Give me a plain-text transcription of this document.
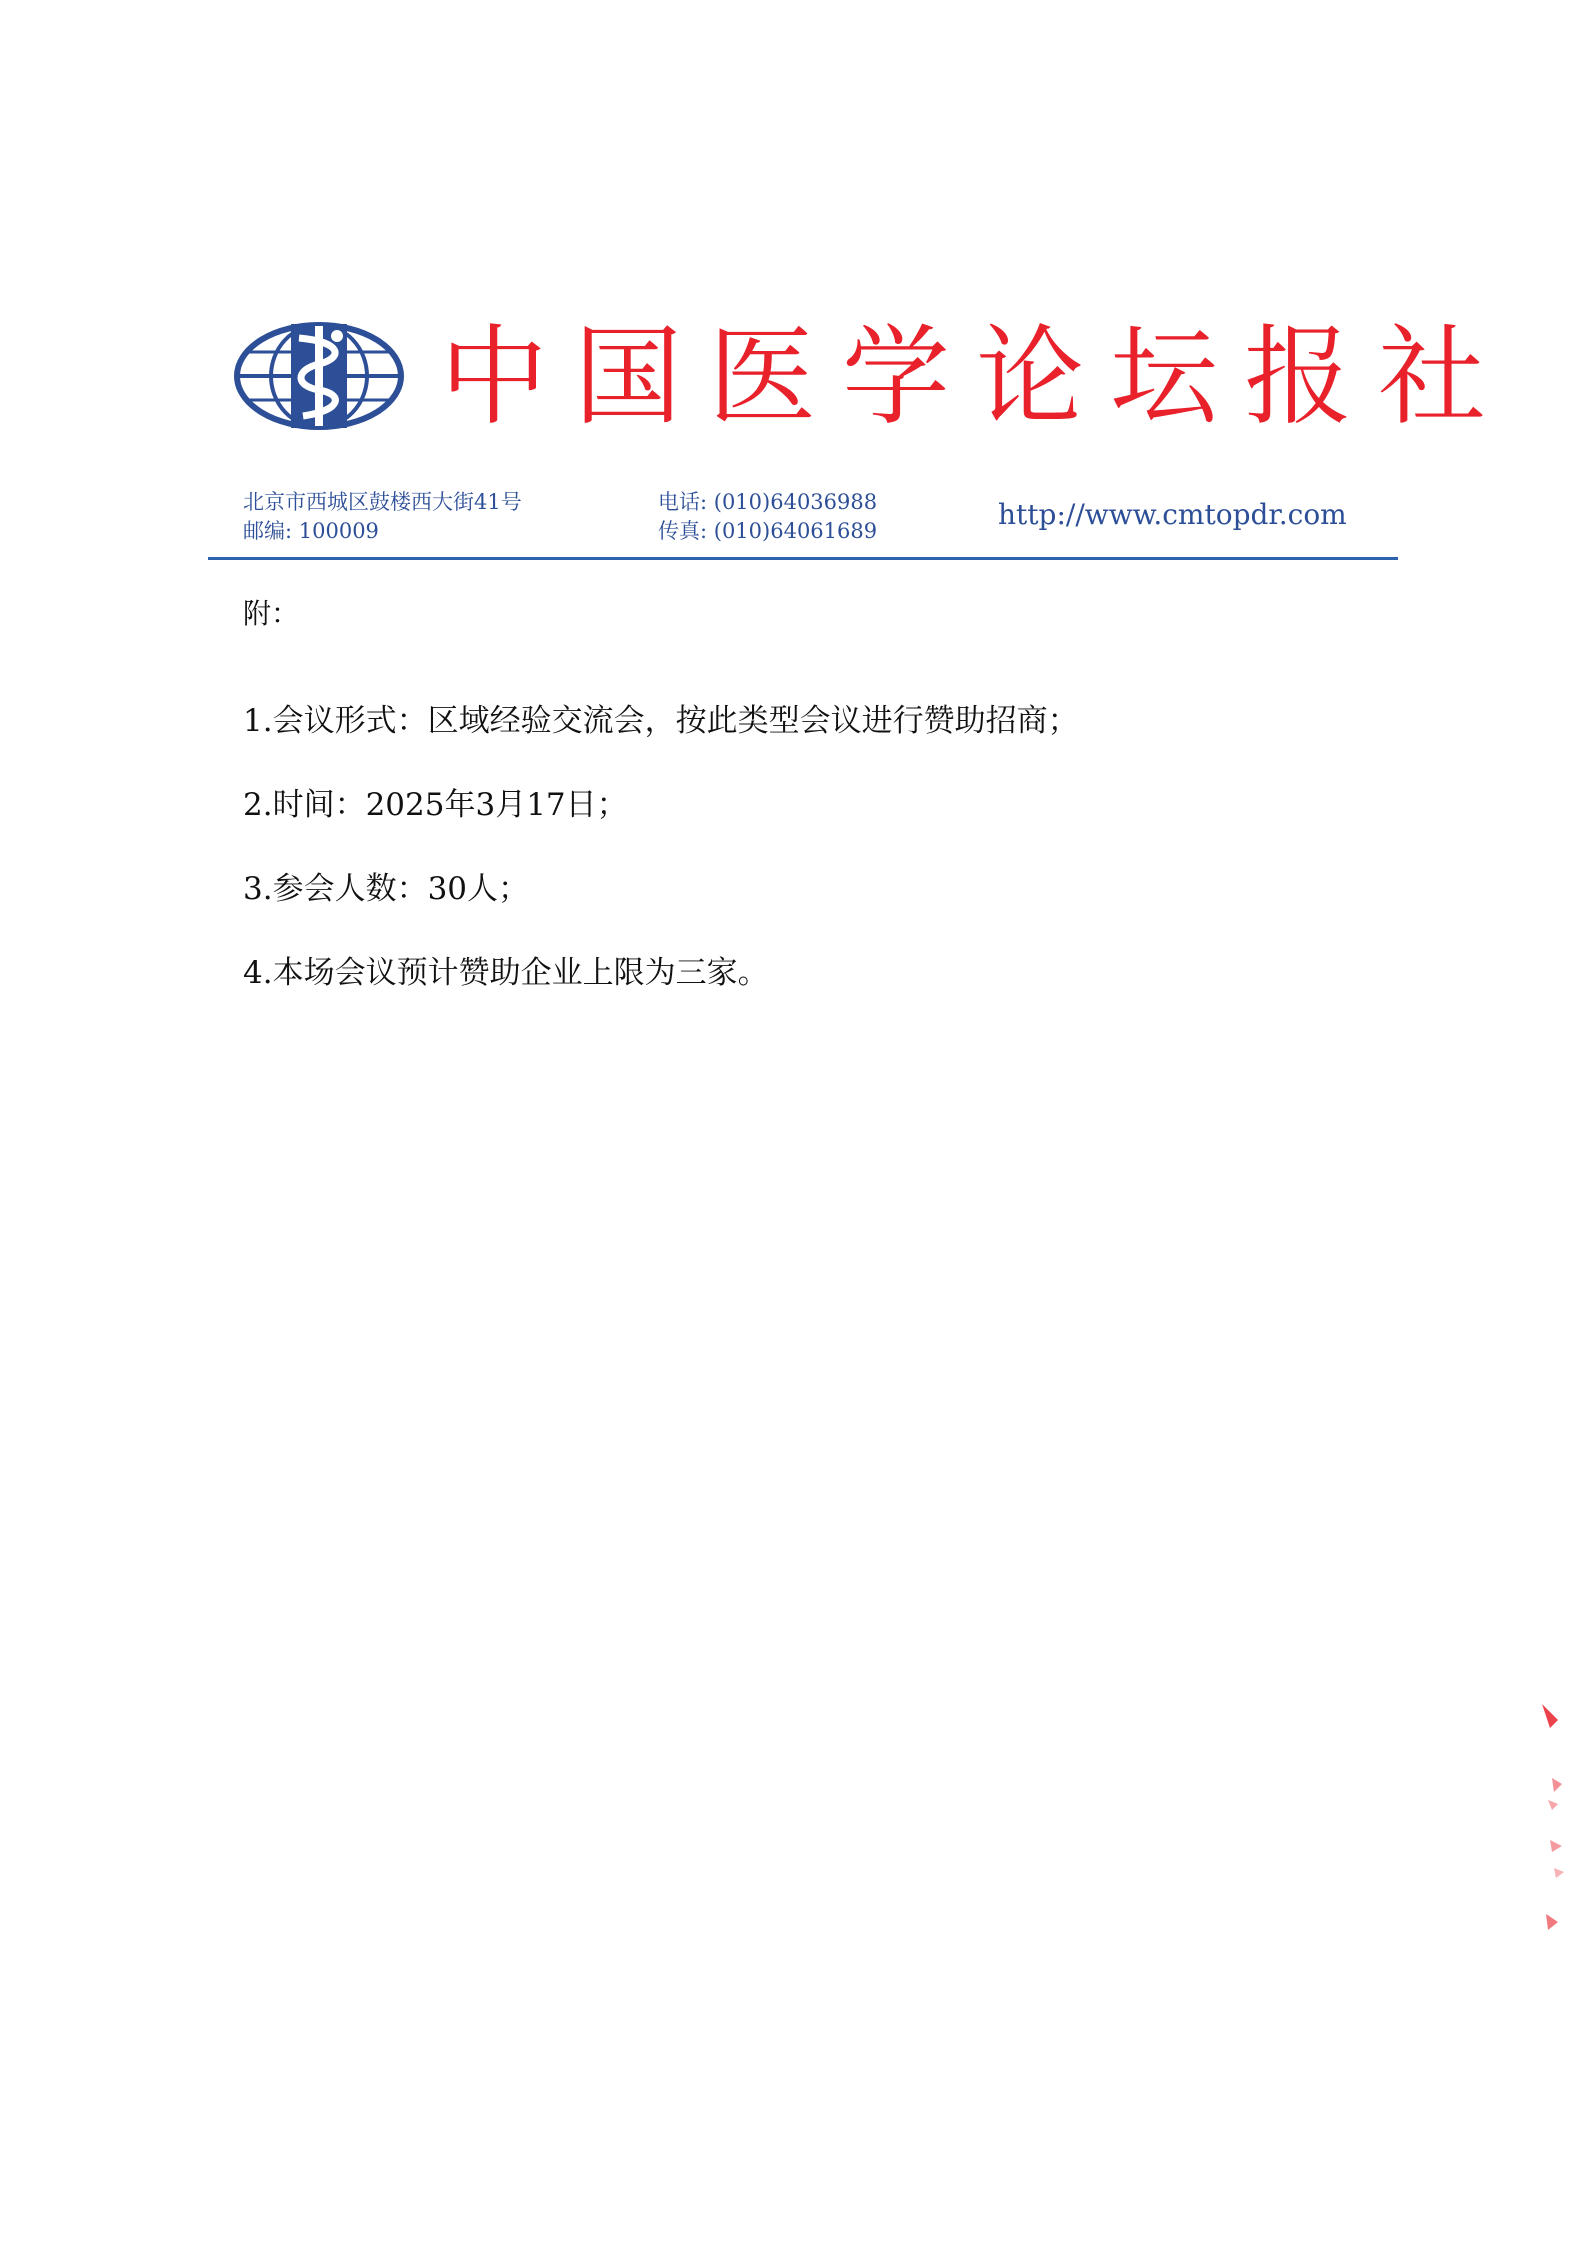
中国医学论坛报社
北京市西城区鼓楼西大街41号
邮编: 100009
电话: (010)64036988
传真: (010)64061689	http://www.cmtopdr.com
附：
1.会议形式：区域经验交流会，按此类型会议进行赞助招商；
2.时间：2025年3月17日；
3.参会人数：30人；
4.本场会议预计赞助企业上限为三家。
